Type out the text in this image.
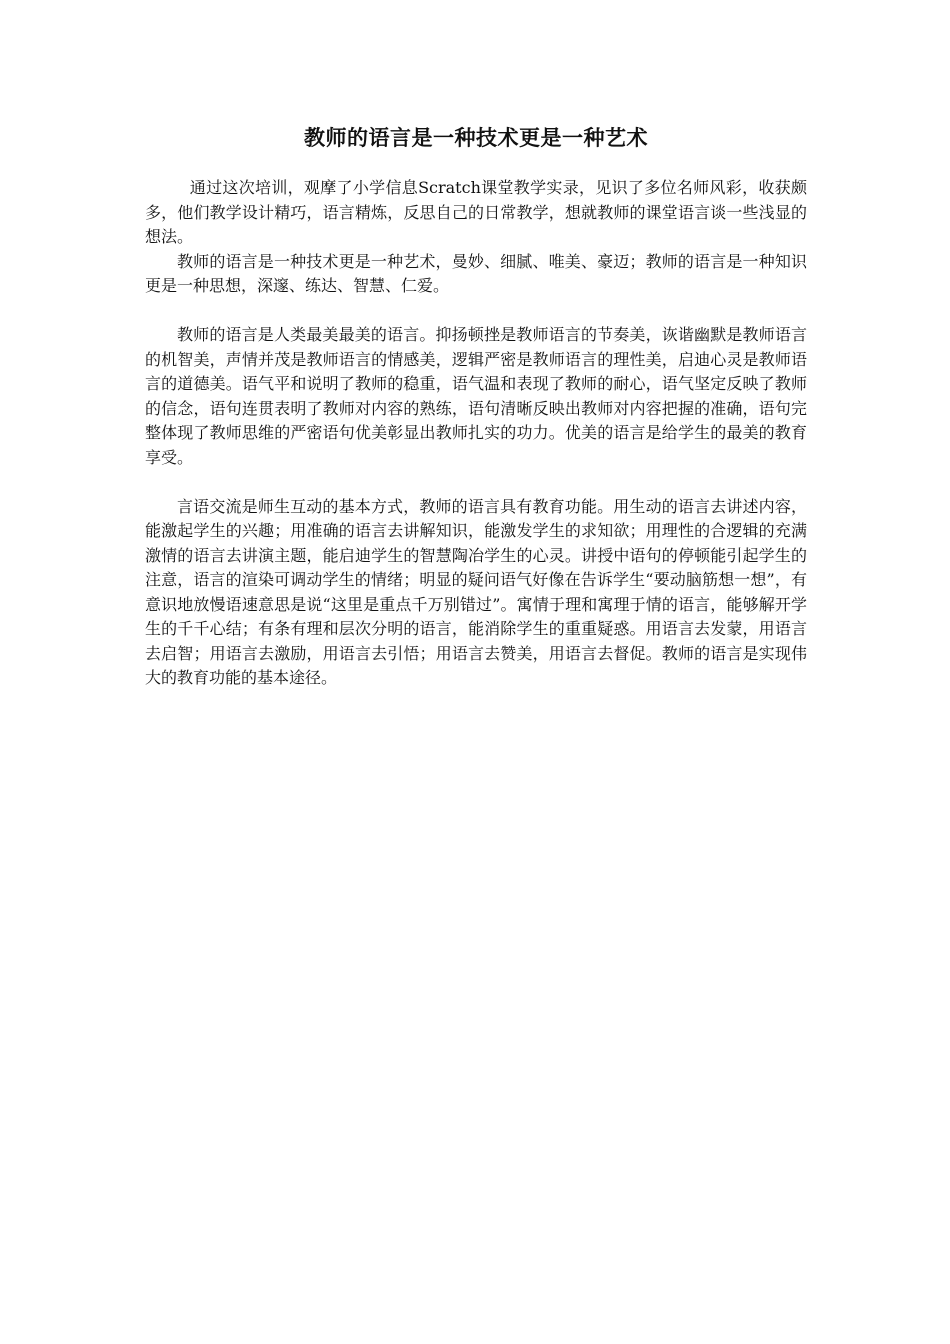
教师的语言是一种技术更是一种艺术

通过这次培训，观摩了小学信息Scratch课堂教学实录，见识了多位名师风彩，收获颇多，他们教学设计精巧，语言精炼，反思自己的日常教学，想就教师的课堂语言谈一些浅显的想法。

教师的语言是一种技术更是一种艺术，曼妙、细腻、唯美、豪迈；教师的语言是一种知识更是一种思想，深邃、练达、智慧、仁爱。

教师的语言是人类最美最美的语言。抑扬顿挫是教师语言的节奏美，诙谐幽默是教师语言的机智美，声情并茂是教师语言的情感美，逻辑严密是教师语言的理性美，启迪心灵是教师语言的道德美。语气平和说明了教师的稳重，语气温和表现了教师的耐心，语气坚定反映了教师的信念，语句连贯表明了教师对内容的熟练，语句清晰反映出教师对内容把握的准确，语句完整体现了教师思维的严密语句优美彰显出教师扎实的功力。优美的语言是给学生的最美的教育享受。

言语交流是师生互动的基本方式，教师的语言具有教育功能。用生动的语言去讲述内容，能激起学生的兴趣；用准确的语言去讲解知识，能激发学生的求知欲；用理性的合逻辑的充满激情的语言去讲演主题，能启迪学生的智慧陶冶学生的心灵。讲授中语句的停顿能引起学生的注意，语言的渲染可调动学生的情绪；明显的疑问语气好像在告诉学生“要动脑筋想一想”，有意识地放慢语速意思是说“这里是重点千万别错过”。寓情于理和寓理于情的语言，能够解开学生的千千心结；有条有理和层次分明的语言，能消除学生的重重疑惑。用语言去发蒙，用语言去启智；用语言去激励，用语言去引悟；用语言去赞美，用语言去督促。教师的语言是实现伟大的教育功能的基本途径。
